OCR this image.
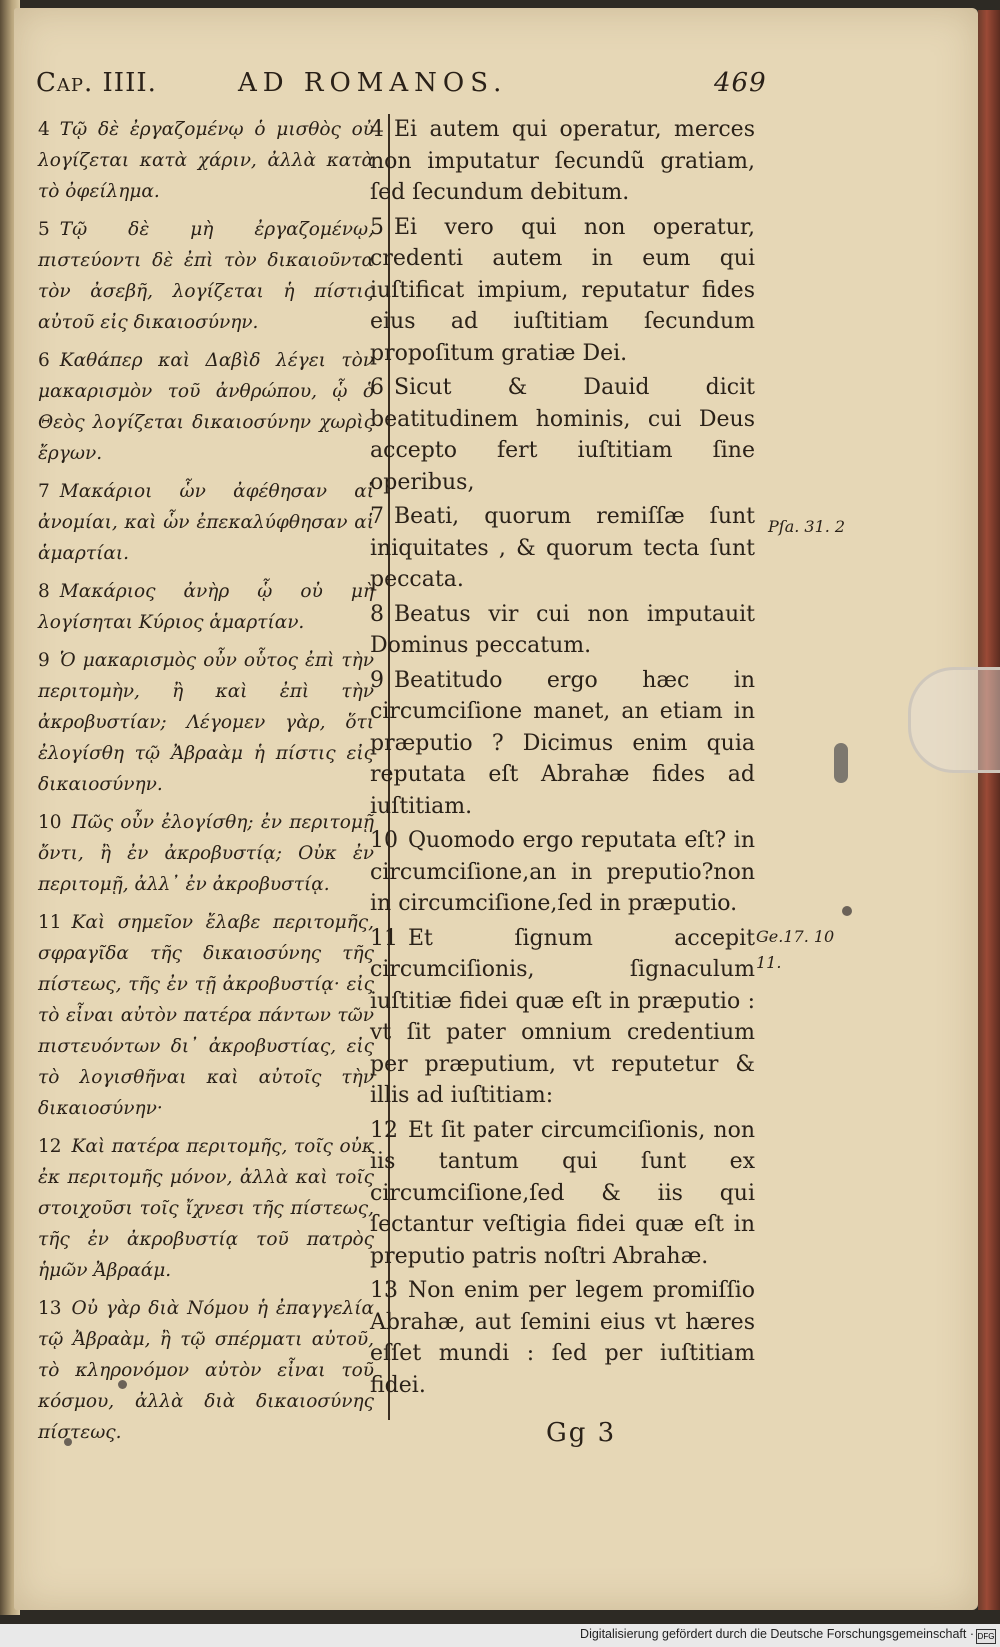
Cap. IIII.	AD ROMANOS.	469
4 Τῷ δὲ ἐργαζομένῳ ὁ μισθὸς οὐ λογίζεται κατὰ χάριν, ἀλλὰ κατὰ τὸ ὀφείλημα.
5 Τῷ δὲ μὴ ἐργαζομένῳ, πιστεύοντι δὲ ἐπὶ τὸν δικαιοῦντα τὸν ἀσεβῆ, λογίζεται ἡ πίστις αὐτοῦ εἰς δικαιοσύνην.
6 Καθάπερ καὶ Δαβὶδ λέγει τὸν μακαρισμὸν τοῦ ἀνθρώπου, ᾧ ὁ Θεὸς λογίζεται δικαιοσύνην χωρὶς ἔργων.
7 Μακάριοι ὧν ἀφέθησαν αἱ ἀνομίαι, καὶ ὧν ἐπεκαλύφθησαν αἱ ἁμαρτίαι.
8 Μακάριος ἀνὴρ ᾧ οὐ μὴ λογίσηται Κύριος ἁμαρτίαν.
9 Ὁ μακαρισμὸς οὖν οὗτος ἐπὶ τὴν περιτομὴν, ἢ καὶ ἐπὶ τὴν ἀκροβυστίαν; Λέγομεν γὰρ, ὅτι ἐλογίσθη τῷ Ἀβραὰμ ἡ πίστις εἰς δικαιοσύνην.
10 Πῶς οὖν ἐλογίσθη; ἐν περιτομῇ ὄντι, ἢ ἐν ἀκροβυστίᾳ; Οὐκ ἐν περιτομῇ, ἀλλ᾽ ἐν ἀκροβυστίᾳ.
11 Καὶ σημεῖον ἔλαβε περιτομῆς, σφραγῖδα τῆς δικαιοσύνης τῆς πίστεως, τῆς ἐν τῇ ἀκροβυστίᾳ· εἰς τὸ εἶναι αὐτὸν πατέρα πάντων τῶν πιστευόντων δι᾽ ἀκροβυστίας, εἰς τὸ λογισθῆναι καὶ αὐτοῖς τὴν δικαιοσύνην·
12 Καὶ πατέρα περιτομῆς, τοῖς οὐκ ἐκ περιτομῆς μόνον, ἀλλὰ καὶ τοῖς στοιχοῦσι τοῖς ἴχνεσι τῆς πίστεως, τῆς ἐν ἀκροβυστίᾳ τοῦ πατρὸς ἡμῶν Ἀβραάμ.
13 Οὐ γὰρ διὰ Νόμου ἡ ἐπαγγελία τῷ Ἀβραὰμ, ἢ τῷ σπέρματι αὐτοῦ, τὸ κληρονόμον αὐτὸν εἶναι τοῦ κόσμου, ἀλλὰ διὰ δικαιοσύνης πίστεως.
4 Ei autem qui operatur, merces non imputatur ſecundũ gratiam, ſed ſecundum debitum.
5 Ei vero qui non operatur, credenti autem in eum qui iuſtificat impium, reputatur fides eius ad iuſtitiam ſecundum propoſitum gratiæ Dei.
6 Sicut & Dauid dicit beatitudinem hominis, cui Deus accepto fert iuſtitiam ſine operibus,
7 Beati, quorum remiſſæ ſunt iniquitates , & quorum tecta ſunt peccata.
8 Beatus vir cui non imputauit Dominus peccatum.
9 Beatitudo ergo hæc in circumciſione manet, an etiam in præputio ? Dicimus enim quia reputata eſt Abrahæ fides ad iuſtitiam.
10 Quomodo ergo reputata eſt? in circumciſione,an in preputio?non in circumciſione,ſed in præputio.
11 Et ſignum accepit circumciſionis, ſignaculum iuſtitiæ fidei quæ eſt in præputio : vt ſit pater omnium credentium per præputium, vt reputetur & illis ad iuſtitiam:
12 Et ſit pater circumciſionis, non iis tantum qui ſunt ex circumciſione,ſed & iis qui ſectantur veſtigia fidei quæ eſt in preputio patris noſtri Abrahæ.
13 Non enim per legem promiſſio Abrahæ, aut ſemini eius vt hæres eſſet mundi : ſed per iuſtitiam fidei.
Pſa. 31. 2
Ge.17. 10
11.
Gg 3
Digitalisierung gefördert durch die Deutsche Forschungsgemeinschaft · DFG
